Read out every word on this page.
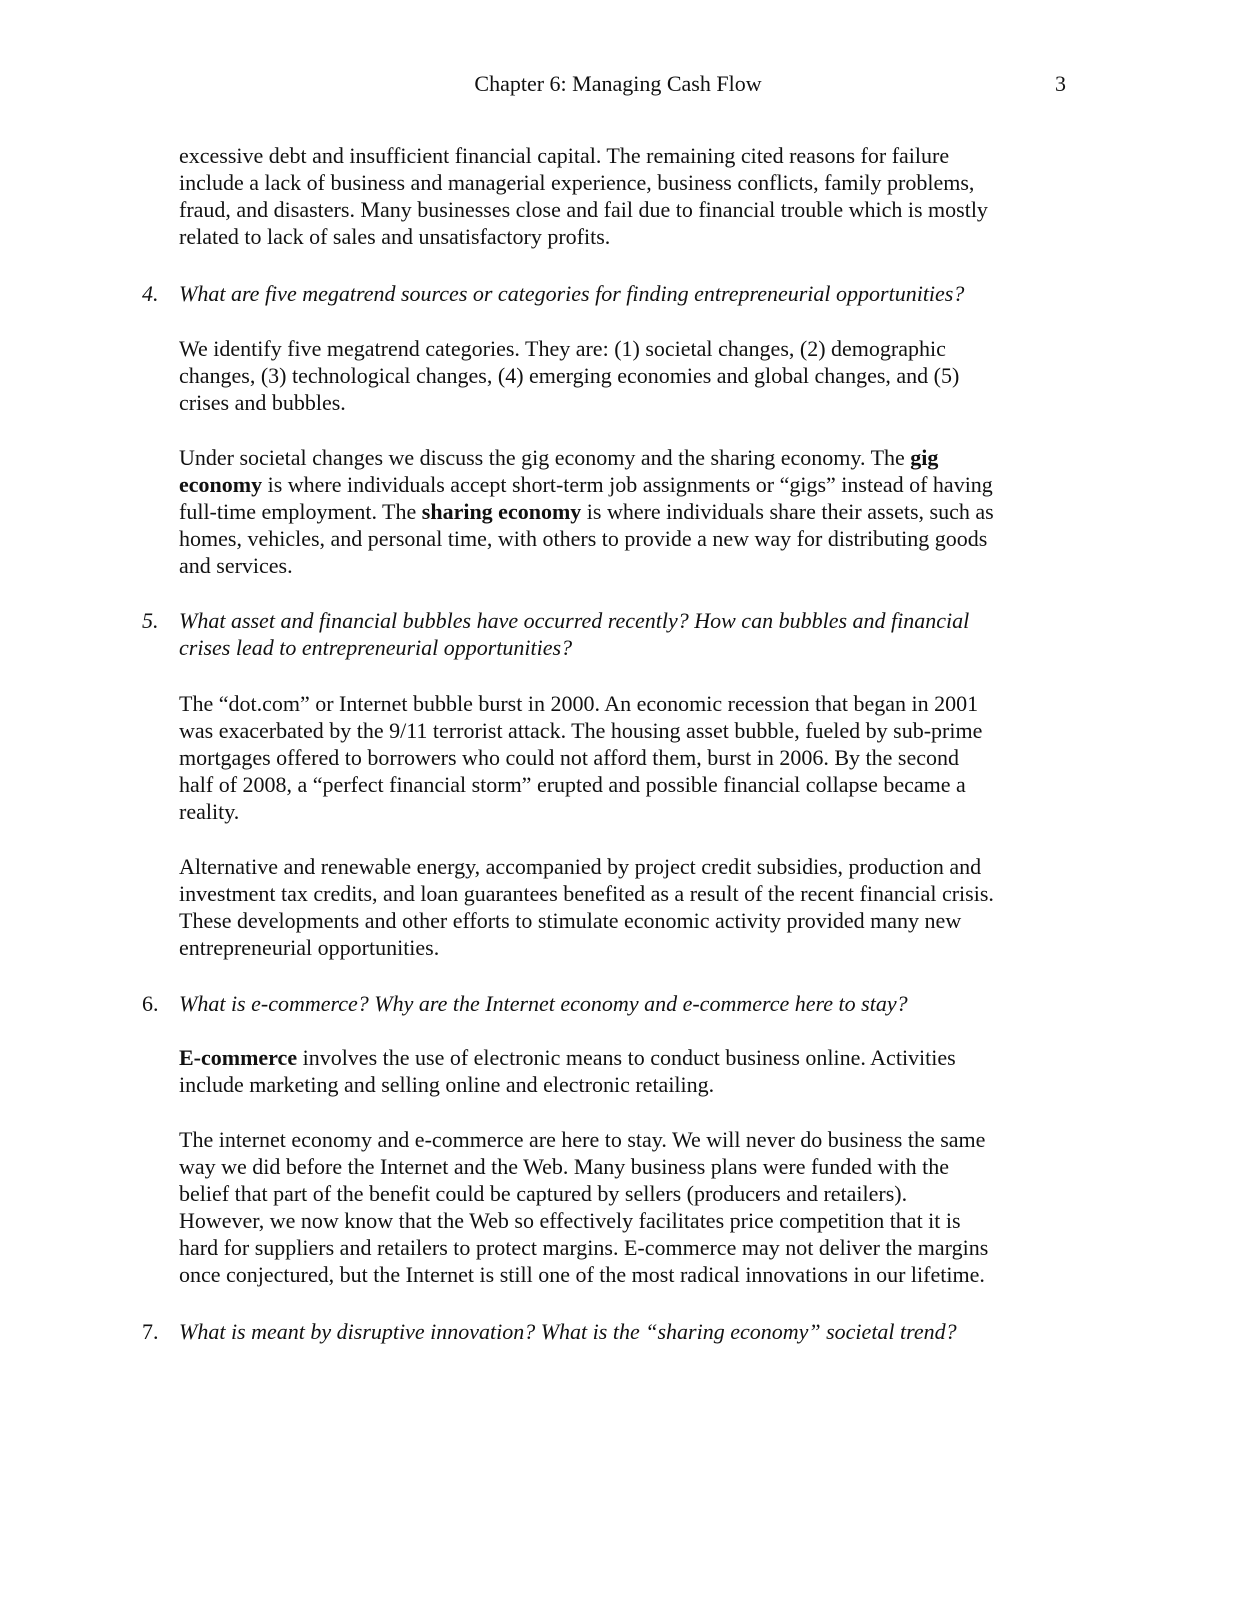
Chapter 6: Managing Cash Flow	3
excessive debt and insufficient financial capital. The remaining cited reasons for failure
include a lack of business and managerial experience, business conflicts, family problems,
fraud, and disasters. Many businesses close and fail due to financial trouble which is mostly
related to lack of sales and unsatisfactory profits.
4. What are five megatrend sources or categories for finding entrepreneurial opportunities?
We identify five megatrend categories. They are: (1) societal changes, (2) demographic
changes, (3) technological changes, (4) emerging economies and global changes, and (5)
crises and bubbles.
Under societal changes we discuss the gig economy and the sharing economy. The gig
economy is where individuals accept short-term job assignments or “gigs” instead of having
full-time employment. The sharing economy is where individuals share their assets, such as
homes, vehicles, and personal time, with others to provide a new way for distributing goods
and services.
5. What asset and financial bubbles have occurred recently? How can bubbles and financial
crises lead to entrepreneurial opportunities?
The “dot.com” or Internet bubble burst in 2000. An economic recession that began in 2001
was exacerbated by the 9/11 terrorist attack. The housing asset bubble, fueled by sub-prime
mortgages offered to borrowers who could not afford them, burst in 2006. By the second
half of 2008, a “perfect financial storm” erupted and possible financial collapse became a
reality.
Alternative and renewable energy, accompanied by project credit subsidies, production and
investment tax credits, and loan guarantees benefited as a result of the recent financial crisis.
These developments and other efforts to stimulate economic activity provided many new
entrepreneurial opportunities.
6. What is e-commerce? Why are the Internet economy and e-commerce here to stay?
E-commerce involves the use of electronic means to conduct business online. Activities
include marketing and selling online and electronic retailing.
The internet economy and e-commerce are here to stay. We will never do business the same
way we did before the Internet and the Web. Many business plans were funded with the
belief that part of the benefit could be captured by sellers (producers and retailers).
However, we now know that the Web so effectively facilitates price competition that it is
hard for suppliers and retailers to protect margins. E-commerce may not deliver the margins
once conjectured, but the Internet is still one of the most radical innovations in our lifetime.
7. What is meant by disruptive innovation? What is the “sharing economy” societal trend?
